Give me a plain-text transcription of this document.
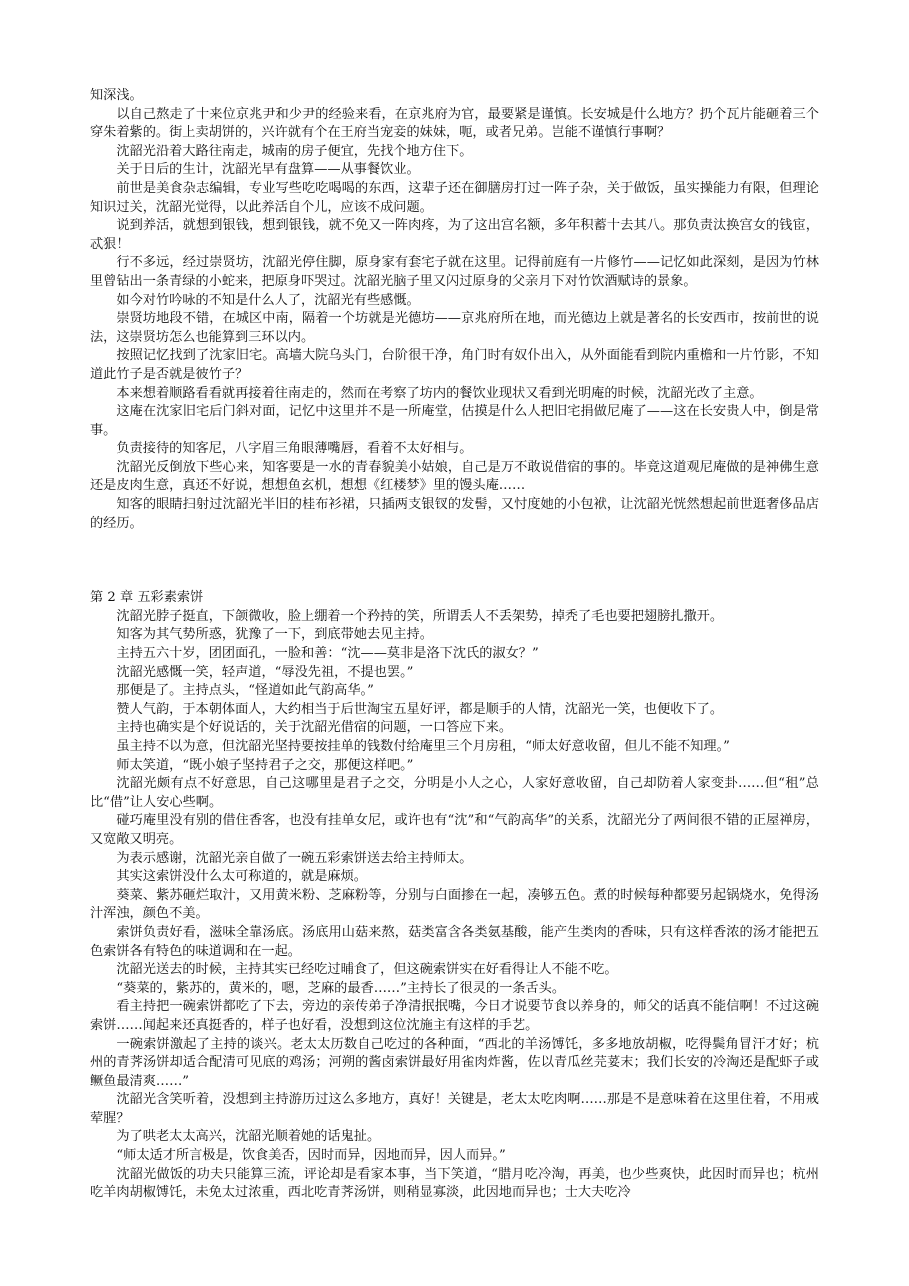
知深浅。

以自己熬走了十来位京兆尹和少尹的经验来看，在京兆府为官，最要紧是谨慎。长安城是什么地方？扔个瓦片能砸着三个穿朱着紫的。街上卖胡饼的，兴许就有个在王府当宠妾的妹妹，呃，或者兄弟。岂能不谨慎行事啊？

沈韶光沿着大路往南走，城南的房子便宜，先找个地方住下。

关于日后的生计，沈韶光早有盘算——从事餐饮业。

前世是美食杂志编辑，专业写些吃吃喝喝的东西，这辈子还在御膳房打过一阵子杂，关于做饭，虽实操能力有限，但理论知识过关，沈韶光觉得，以此养活自个儿，应该不成问题。

说到养活，就想到银钱，想到银钱，就不免又一阵肉疼，为了这出宫名额，多年积蓄十去其八。那负责汰换宫女的钱宦，忒狠！

行不多远，经过崇贤坊，沈韶光停住脚，原身家有套宅子就在这里。记得前庭有一片修竹——记忆如此深刻，是因为竹林里曾钻出一条青绿的小蛇来，把原身吓哭过。沈韶光脑子里又闪过原身的父亲月下对竹饮酒赋诗的景象。

如今对竹吟咏的不知是什么人了，沈韶光有些感慨。

崇贤坊地段不错，在城区中南，隔着一个坊就是光德坊——京兆府所在地，而光德边上就是著名的长安西市，按前世的说法，这崇贤坊怎么也能算到三环以内。

按照记忆找到了沈家旧宅。高墙大院乌头门，台阶很干净，角门时有奴仆出入，从外面能看到院内重檐和一片竹影，不知道此竹子是否就是彼竹子？

本来想着顺路看看就再接着往南走的，然而在考察了坊内的餐饮业现状又看到光明庵的时候，沈韶光改了主意。

这庵在沈家旧宅后门斜对面，记忆中这里并不是一所庵堂，估摸是什么人把旧宅捐做尼庵了——这在长安贵人中，倒是常事。

负责接待的知客尼，八字眉三角眼薄嘴唇，看着不太好相与。

沈韶光反倒放下些心来，知客要是一水的青春貌美小姑娘，自己是万不敢说借宿的事的。毕竟这道观尼庵做的是神佛生意还是皮肉生意，真还不好说，想想鱼玄机，想想《红楼梦》里的馒头庵……

知客的眼睛扫射过沈韶光半旧的桂布衫裙，只插两支银钗的发髻，又忖度她的小包袱，让沈韶光恍然想起前世逛奢侈品店的经历。

第 2 章 五彩素索饼

沈韶光脖子挺直，下颌微收，脸上绷着一个矜持的笑，所谓丢人不丢架势，掉秃了毛也要把翅膀扎撒开。

知客为其气势所惑，犹豫了一下，到底带她去见主持。

主持五六十岁，团团面孔，一脸和善：“沈——莫非是洛下沈氏的淑女？”

沈韶光感慨一笑，轻声道，“辱没先祖，不提也罢。”

那便是了。主持点头，“怪道如此气韵高华。”

赞人气韵，于本朝体面人，大约相当于后世淘宝五星好评，都是顺手的人情，沈韶光一笑，也便收下了。

主持也确实是个好说话的，关于沈韶光借宿的问题，一口答应下来。

虽主持不以为意，但沈韶光坚持要按挂单的钱数付给庵里三个月房租，“师太好意收留，但儿不能不知理。”

师太笑道，“既小娘子坚持君子之交，那便这样吧。”

沈韶光颇有点不好意思，自己这哪里是君子之交，分明是小人之心，人家好意收留，自己却防着人家变卦……但“租”总比“借”让人安心些啊。

碰巧庵里没有别的借住香客，也没有挂单女尼，或许也有“沈”和“气韵高华”的关系，沈韶光分了两间很不错的正屋禅房，又宽敞又明亮。

为表示感谢，沈韶光亲自做了一碗五彩索饼送去给主持师太。

其实这索饼没什么太可称道的，就是麻烦。

葵菜、紫苏砸烂取汁，又用黄米粉、芝麻粉等，分别与白面掺在一起，凑够五色。煮的时候每种都要另起锅烧水，免得汤汁浑浊，颜色不美。

索饼负责好看，滋味全靠汤底。汤底用山菇来熬，菇类富含各类氨基酸，能产生类肉的香味，只有这样香浓的汤才能把五色索饼各有特色的味道调和在一起。

沈韶光送去的时候，主持其实已经吃过晡食了，但这碗索饼实在好看得让人不能不吃。

“葵菜的，紫苏的，黄米的，嗯，芝麻的最香……”主持长了很灵的一条舌头。

看主持把一碗索饼都吃了下去，旁边的亲传弟子净清抿抿嘴，今日才说要节食以养身的，师父的话真不能信啊！不过这碗索饼……闻起来还真挺香的，样子也好看，没想到这位沈施主有这样的手艺。

一碗索饼激起了主持的谈兴。老太太历数自己吃过的各种面，“西北的羊汤馎饦，多多地放胡椒，吃得鬓角冒汗才好；杭州的青荠汤饼却适合配清可见底的鸡汤；河朔的酱卤索饼最好用雀肉炸酱，佐以青瓜丝芫荽末；我们长安的冷淘还是配虾子或鳜鱼最清爽……”

沈韶光含笑听着，没想到主持游历过这么多地方，真好！关键是，老太太吃肉啊……那是不是意味着在这里住着，不用戒荤腥？

为了哄老太太高兴，沈韶光顺着她的话鬼扯。

“师太适才所言极是，饮食美否，因时而异，因地而异，因人而异。”

沈韶光做饭的功夫只能算三流，评论却是看家本事，当下笑道，“腊月吃冷淘，再美，也少些爽快，此因时而异也；杭州吃羊肉胡椒馎饦，未免太过浓重，西北吃青荠汤饼，则稍显寡淡，此因地而异也；士大夫吃冷
